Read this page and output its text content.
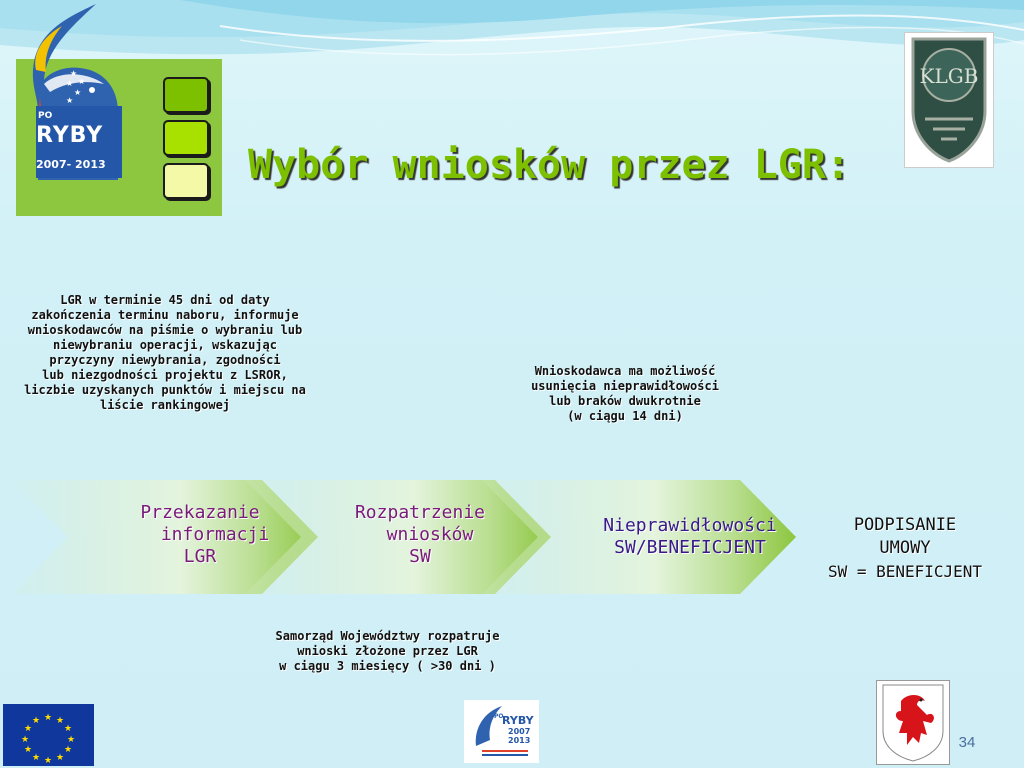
★
★
★
★
★
PO
RYBY
2007- 2013	Wybór wniosków przez LGR:
KLGB
LGR w terminie 45 dni od daty
zakończenia terminu naboru, informuje
wnioskodawców na piśmie o wybraniu lub
niewybraniu operacji, wskazując
przyczyny niewybrania, zgodności
lub niezgodności projektu z LSROR,
liczbie uzyskanych punktów i miejscu na
liście rankingowej
Wnioskodawca ma możliwość
usunięcia nieprawidłowości
lub braków dwukrotnie
(w ciągu 14 dni)
Przekazanie
informacji
LGR
Rozpatrzenie
wniosków
SW
Nieprawidłowości
SW/BENEFICJENT
PODPISANIE
UMOWY
SW = BENEFICJENT
Samorząd Województwy rozpatruje
wnioski złożone przez LGR
w ciągu 3 miesięcy ( >30 dni )
★ ★
★
★
★
★
★
★
★
★
★
★	PO
RYBY
2007
2013	34
